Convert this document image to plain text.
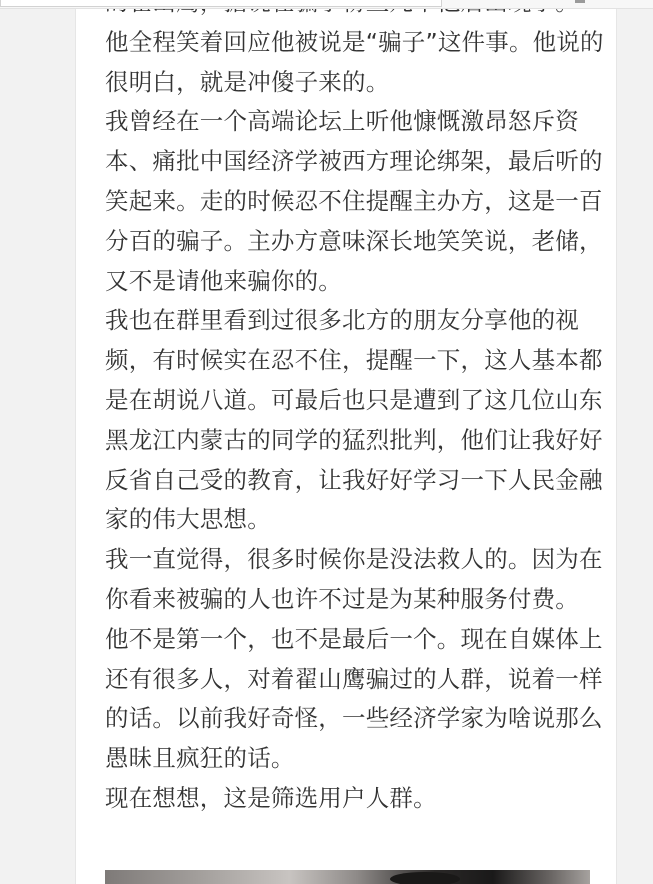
他全程笑着回应他被说是“骗子”这件事。他说的很明白，就是冲傻子来的。

我曾经在一个高端论坛上听他慷慨激昂怒斥资本、痛批中国经济学被西方理论绑架，最后听的笑起来。走的时候忍不住提醒主办方，这是一百分百的骗子。主办方意味深长地笑笑说，老储，又不是请他来骗你的。

我也在群里看到过很多北方的朋友分享他的视频，有时候实在忍不住，提醒一下，这人基本都是在胡说八道。可最后也只是遭到了这几位山东黑龙江内蒙古的同学的猛烈批判，他们让我好好反省自己受的教育，让我好好学习一下人民金融家的伟大思想。

我一直觉得，很多时候你是没法救人的。因为在你看来被骗的人也许不过是为某种服务付费。

他不是第一个，也不是最后一个。现在自媒体上还有很多人，对着翟山鹰骗过的人群，说着一样的话。以前我好奇怪，一些经济学家为啥说那么愚昧且疯狂的话。

现在想想，这是筛选用户人群。
